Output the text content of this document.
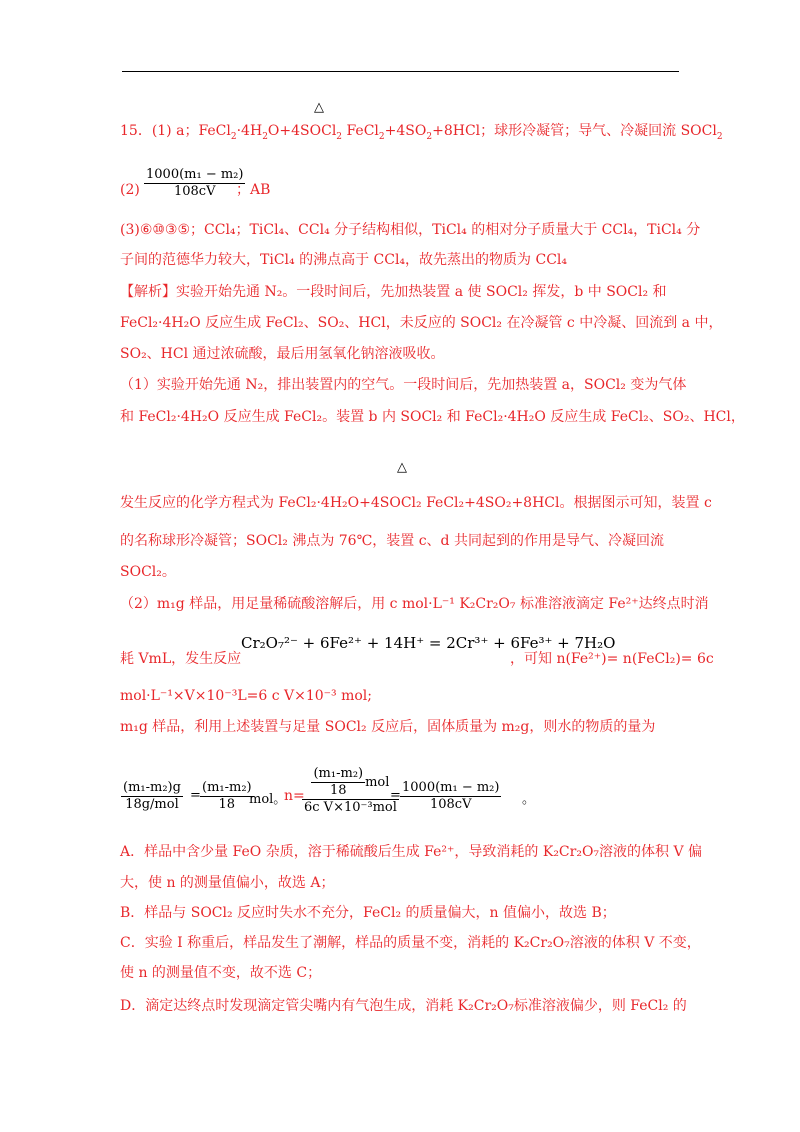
△
15．(1) a；$FeCl_2\cdot 4H_2O+4SOCl_2$ $FeCl_2+4SO_2+8HCl$；球形冷凝管；导气、冷凝回流 SOCl$_2$
$(2) \frac{\text{1000(m₁ − m₂)}}{108cV}$
；AB
(3)⑥⑩③⑤；CCl₄；TiCl₄、CCl₄ 分子结构相似，TiCl₄ 的相对分子质量大于 CCl₄，TiCl₄ 分
子间的范德华力较大，TiCl₄ 的沸点高于 CCl₄，故先蒸出的物质为 CCl₄
【解析】实验开始先通 N₂。一段时间后，先加热装置 a 使 SOCl₂ 挥发，b 中 SOCl₂ 和
FeCl₂·4H₂O 反应生成 FeCl₂、SO₂、HCl，未反应的 SOCl₂ 在冷凝管 c 中冷凝、回流到 a 中，
SO₂、HCl 通过浓硫酸，最后用氢氧化钠溶液吸收。
（1）实验开始先通 N₂，排出装置内的空气。一段时间后，先加热装置 a，SOCl₂ 变为气体
和 FeCl₂·4H₂O 反应生成 FeCl₂。装置 b 内 SOCl₂ 和 FeCl₂·4H₂O 反应生成 FeCl₂、SO₂、HCl，
△
发生反应的化学方程式为 FeCl₂·4H₂O+4SOCl₂ FeCl₂+4SO₂+8HCl。根据图示可知，装置 c
的名称球形冷凝管；SOCl₂ 沸点为 76℃，装置 c、d 共同起到的作用是导气、冷凝回流
SOCl₂。
（2）m₁g 样品，用足量稀硫酸溶解后，用 c mol·L⁻¹ K₂Cr₂O₇ 标准溶液滴定 Fe²⁺达终点时消
耗 VmL，发生反应
Cr₂O₇²⁻ + 6Fe²⁺ + 14H⁺ = 2Cr³⁺ + 6Fe³⁺ + 7H₂O
，可知 n(Fe²⁺)= n(FeCl₂)= 6c
mol·L⁻¹×V×10⁻³L=6 c V×10⁻³ mol;
m₁g 样品，利用上述装置与足量 SOCl₂ 反应后，固体质量为 m₂g，则水的物质的量为
$\frac{\text{(m₁-m₂)g}}{\text{18g/mol}} = \frac{\text{(m₁-m₂)}}{18}$
mol。
n=
$\frac{\frac{\text{(m₁-m₂)}}{18} mol}{\text{6c V×10⁻³mol}}$
= $\frac{\text{1000(m₁ − m₂)}}{108cV}$ 。
A．样品中含少量 FeO 杂质，溶于稀硫酸后生成 Fe²⁺，导致消耗的 K₂Cr₂O₇溶液的体积 V 偏
大，使 n 的测量值偏小，故选 A；
B．样品与 SOCl₂ 反应时失水不充分，FeCl₂ 的质量偏大，n 值偏小，故选 B；
C．实验 I 称重后，样品发生了潮解，样品的质量不变，消耗的 K₂Cr₂O₇溶液的体积 V 不变，
使 n 的测量值不变，故不选 C；
D．滴定达终点时发现滴定管尖嘴内有气泡生成，消耗 K₂Cr₂O₇标准溶液偏少，则 FeCl₂ 的
